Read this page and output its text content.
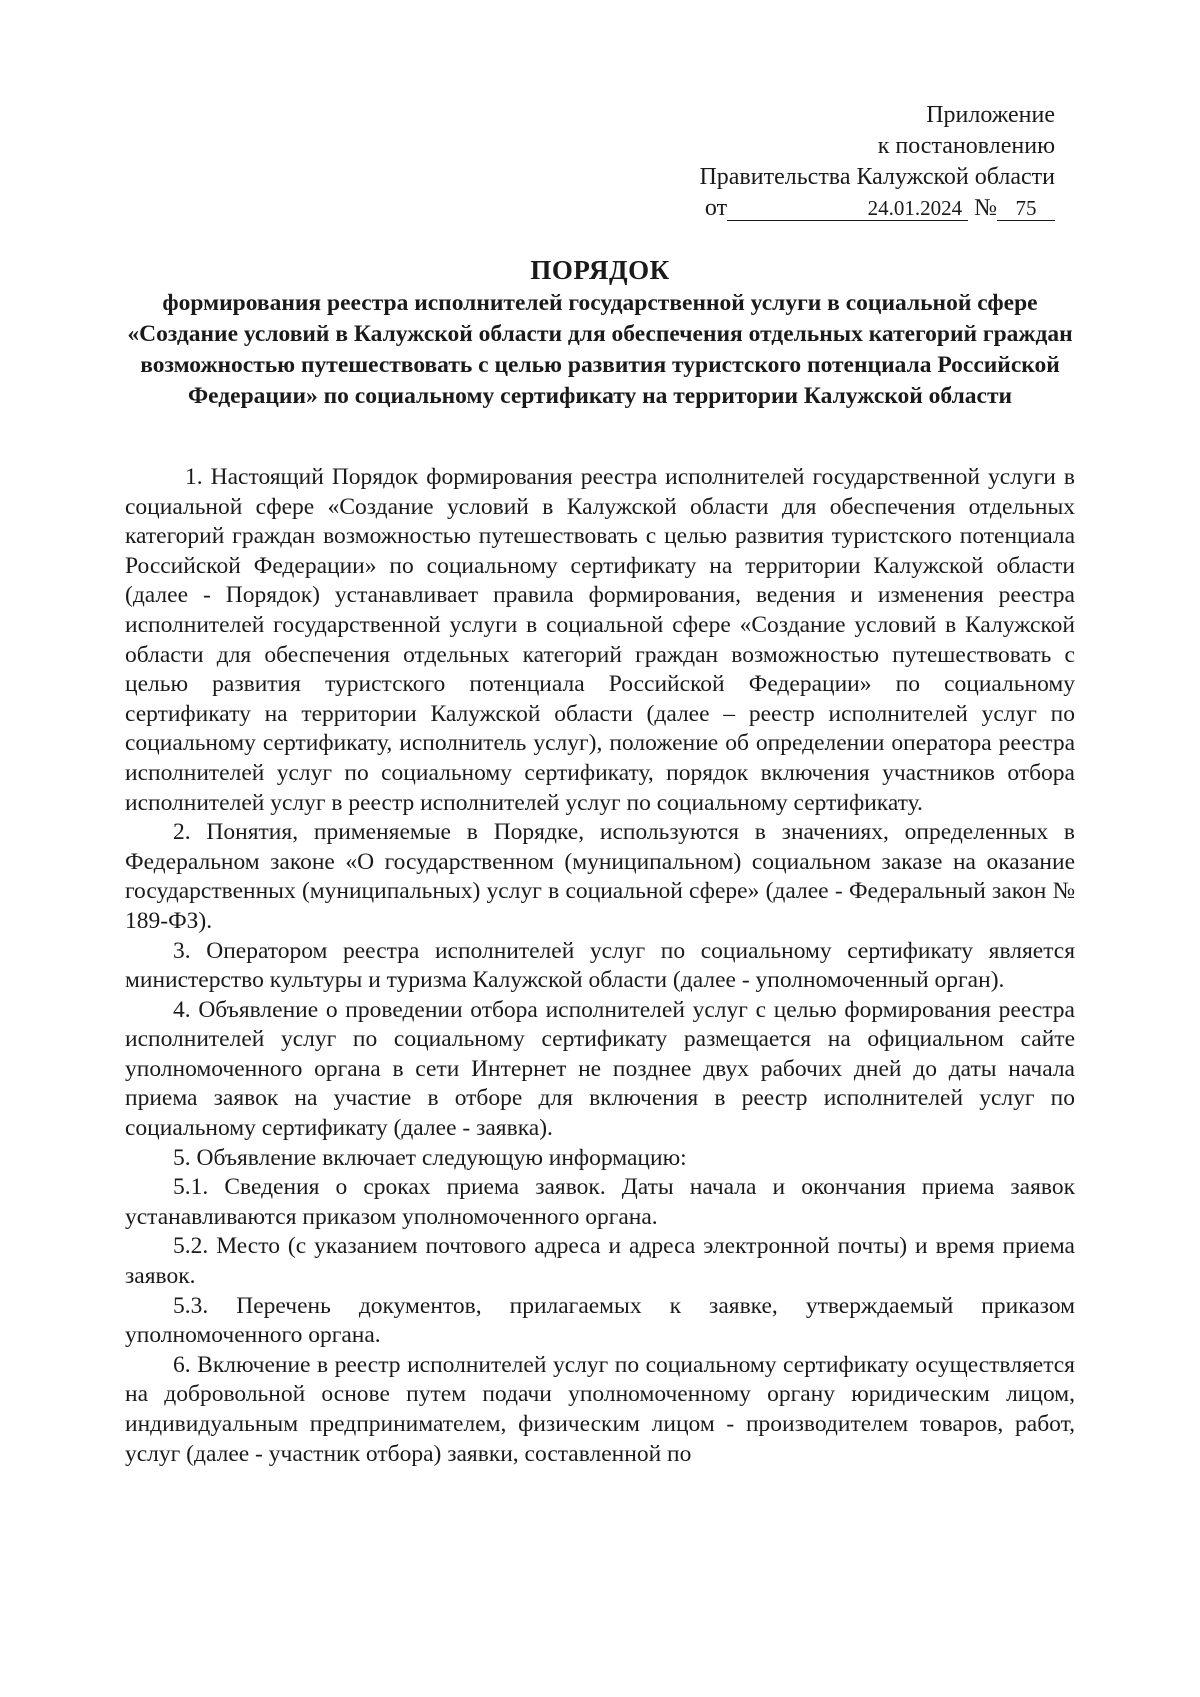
Приложение
к постановлению
Правительства Калужской области
от	24.01.2024 № 75
ПОРЯДОК
формирования реестра исполнителей государственной услуги в социальной сфере «Создание условий в Калужской области для обеспечения отдельных категорий граждан возможностью путешествовать с целью развития туристского потенциала Российской Федерации» по социальному сертификату на территории Калужской области

1. Настоящий Порядок формирования реестра исполнителей государственной услуги в социальной сфере «Создание условий в Калужской области для обеспечения отдельных категорий граждан возможностью путешествовать с целью развития туристского потенциала Российской Федерации» по социальному сертификату на территории Калужской области (далее - Порядок) устанавливает правила формирования, ведения и изменения реестра исполнителей государственной услуги в социальной сфере «Создание условий в Калужской области для обеспечения отдельных категорий граждан возможностью путешествовать с целью развития туристского потенциала Российской Федерации» по социальному сертификату на территории Калужской области (далее – реестр исполнителей услуг по социальному сертификату, исполнитель услуг), положение об определении оператора реестра исполнителей услуг по социальному сертификату, порядок включения участников отбора исполнителей услуг в реестр исполнителей услуг по социальному сертификату.

2. Понятия, применяемые в Порядке, используются в значениях, определенных в Федеральном законе «О государственном (муниципальном) социальном заказе на оказание государственных (муниципальных) услуг в социальной сфере» (далее - Федеральный закон № 189-ФЗ).

3. Оператором реестра исполнителей услуг по социальному сертификату является министерство культуры и туризма Калужской области (далее - уполномоченный орган).

4. Объявление о проведении отбора исполнителей услуг с целью формирования реестра исполнителей услуг по социальному сертификату размещается на официальном сайте уполномоченного органа в сети Интернет не позднее двух рабочих дней до даты начала приема заявок на участие в отборе для включения в реестр исполнителей услуг по социальному сертификату (далее - заявка).

5. Объявление включает следующую информацию:

5.1. Сведения о сроках приема заявок. Даты начала и окончания приема заявок устанавливаются приказом уполномоченного органа.

5.2. Место (с указанием почтового адреса и адреса электронной почты) и время приема заявок.

5.3. Перечень документов, прилагаемых к заявке, утверждаемый приказом уполномоченного органа.

6. Включение в реестр исполнителей услуг по социальному сертификату осуществляется на добровольной основе путем подачи уполномоченному органу юридическим лицом, индивидуальным предпринимателем, физическим лицом - производителем товаров, работ, услуг (далее - участник отбора) заявки, составленной по
